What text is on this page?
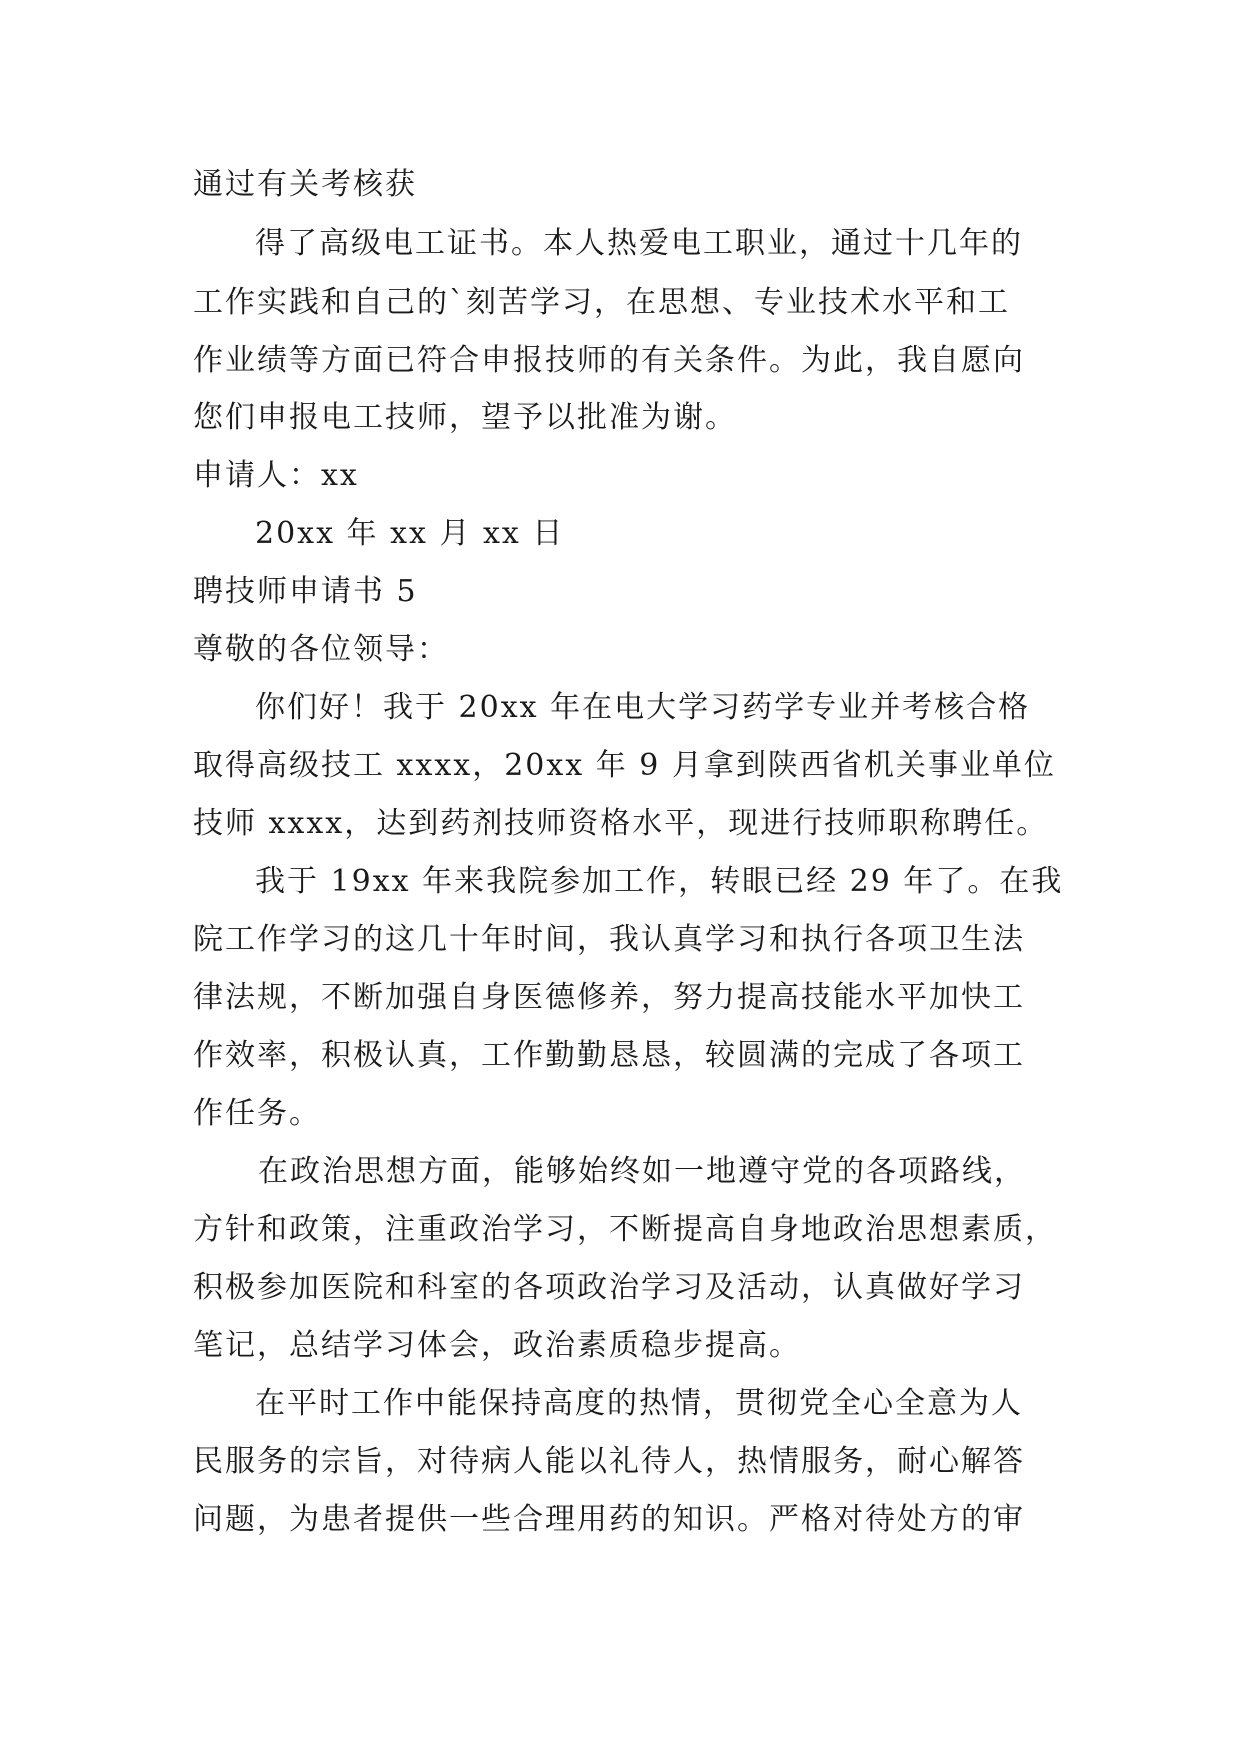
通过有关考核获
得了高级电工证书。本人热爱电工职业，通过十几年的
工作实践和自己的`刻苦学习，在思想、专业技术水平和工
作业绩等方面已符合申报技师的有关条件。为此，我自愿向
您们申报电工技师，望予以批准为谢。
申请人：xx
20xx 年 xx 月 xx 日
聘技师申请书 5
尊敬的各位领导：
你们好！我于 20xx 年在电大学习药学专业并考核合格
取得高级技工 xxxx，20xx 年 9 月拿到陕西省机关事业单位
技师 xxxx，达到药剂技师资格水平，现进行技师职称聘任。
我于 19xx 年来我院参加工作，转眼已经 29 年了。在我
院工作学习的这几十年时间，我认真学习和执行各项卫生法
律法规，不断加强自身医德修养，努力提高技能水平加快工
作效率，积极认真，工作勤勤恳恳，较圆满的完成了各项工
作任务。
在政治思想方面，能够始终如一地遵守党的各项路线，
方针和政策，注重政治学习，不断提高自身地政治思想素质，
积极参加医院和科室的各项政治学习及活动，认真做好学习
笔记，总结学习体会，政治素质稳步提高。
在平时工作中能保持高度的热情，贯彻党全心全意为人
民服务的宗旨，对待病人能以礼待人，热情服务，耐心解答
问题，为患者提供一些合理用药的知识。严格对待处方的审
